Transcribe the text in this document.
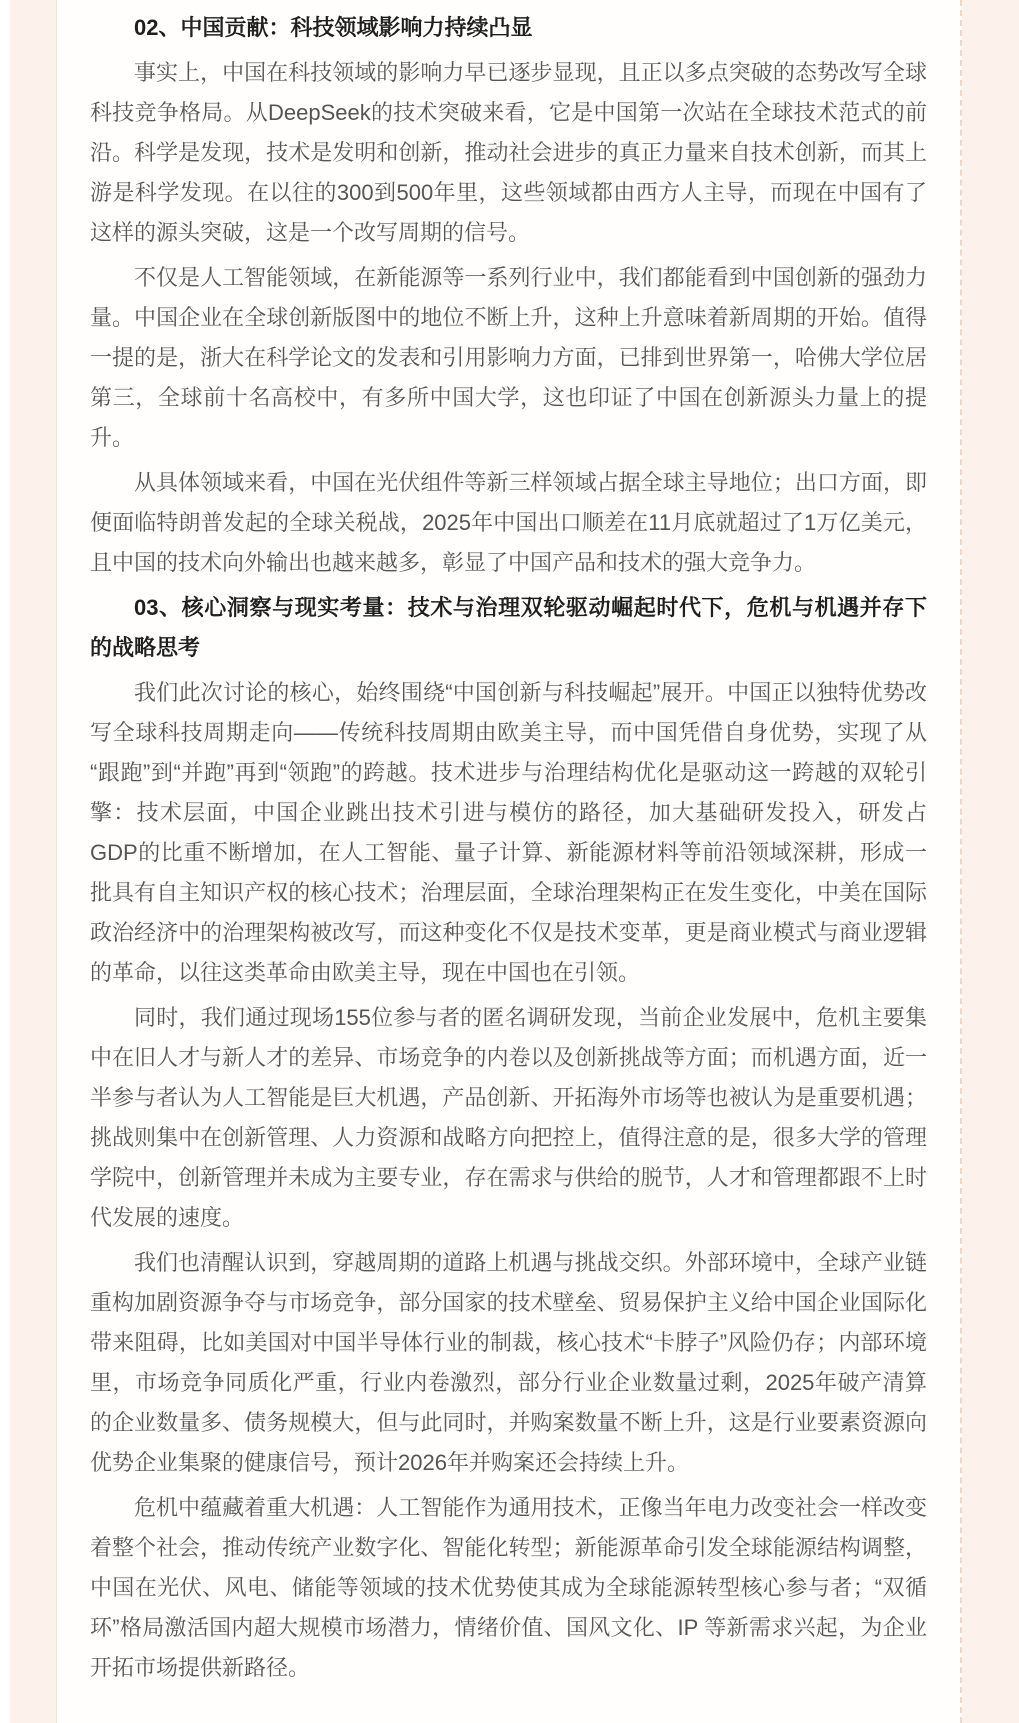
02、中国贡献：科技领域影响力持续凸显

事实上，中国在科技领域的影响力早已逐步显现，且正以多点突破的态势改写全球科技竞争格局。从DeepSeek的技术突破来看，它是中国第一次站在全球技术范式的前沿。科学是发现，技术是发明和创新，推动社会进步的真正力量来自技术创新，而其上游是科学发现。在以往的300到500年里，这些领域都由西方人主导，而现在中国有了这样的源头突破，这是一个改写周期的信号。

不仅是人工智能领域，在新能源等一系列行业中，我们都能看到中国创新的强劲力量。中国企业在全球创新版图中的地位不断上升，这种上升意味着新周期的开始。值得一提的是，浙大在科学论文的发表和引用影响力方面，已排到世界第一，哈佛大学位居第三，全球前十名高校中，有多所中国大学，这也印证了中国在创新源头力量上的提升。

从具体领域来看，中国在光伏组件等新三样领域占据全球主导地位；出口方面，即便面临特朗普发起的全球关税战，2025年中国出口顺差在11月底就超过了1万亿美元，且中国的技术向外输出也越来越多，彰显了中国产品和技术的强大竞争力。

03、核心洞察与现实考量：技术与治理双轮驱动崛起时代下，危机与机遇并存下的战略思考

我们此次讨论的核心，始终围绕“中国创新与科技崛起”展开。中国正以独特优势改写全球科技周期走向——传统科技周期由欧美主导，而中国凭借自身优势，实现了从“跟跑”到“并跑”再到“领跑”的跨越。技术进步与治理结构优化是驱动这一跨越的双轮引擎：技术层面，中国企业跳出技术引进与模仿的路径，加大基础研发投入，研发占GDP的比重不断增加，在人工智能、量子计算、新能源材料等前沿领域深耕，形成一批具有自主知识产权的核心技术；治理层面，全球治理架构正在发生变化，中美在国际政治经济中的治理架构被改写，而这种变化不仅是技术变革，更是商业模式与商业逻辑的革命，以往这类革命由欧美主导，现在中国也在引领。

同时，我们通过现场155位参与者的匿名调研发现，当前企业发展中，危机主要集中在旧人才与新人才的差异、市场竞争的内卷以及创新挑战等方面；而机遇方面，近一半参与者认为人工智能是巨大机遇，产品创新、开拓海外市场等也被认为是重要机遇；挑战则集中在创新管理、人力资源和战略方向把控上，值得注意的是，很多大学的管理学院中，创新管理并未成为主要专业，存在需求与供给的脱节，人才和管理都跟不上时代发展的速度。

我们也清醒认识到，穿越周期的道路上机遇与挑战交织。外部环境中，全球产业链重构加剧资源争夺与市场竞争，部分国家的技术壁垒、贸易保护主义给中国企业国际化带来阻碍，比如美国对中国半导体行业的制裁，核心技术“卡脖子”风险仍存；内部环境里，市场竞争同质化严重，行业内卷激烈，部分行业企业数量过剩，2025年破产清算的企业数量多、债务规模大，但与此同时，并购案数量不断上升，这是行业要素资源向优势企业集聚的健康信号，预计2026年并购案还会持续上升。

危机中蕴藏着重大机遇：人工智能作为通用技术，正像当年电力改变社会一样改变着整个社会，推动传统产业数字化、智能化转型；新能源革命引发全球能源结构调整，中国在光伏、风电、储能等领域的技术优势使其成为全球能源转型核心参与者；“双循环”格局激活国内超大规模市场潜力，情绪价值、国风文化、IP 等新需求兴起，为企业开拓市场提供新路径。
